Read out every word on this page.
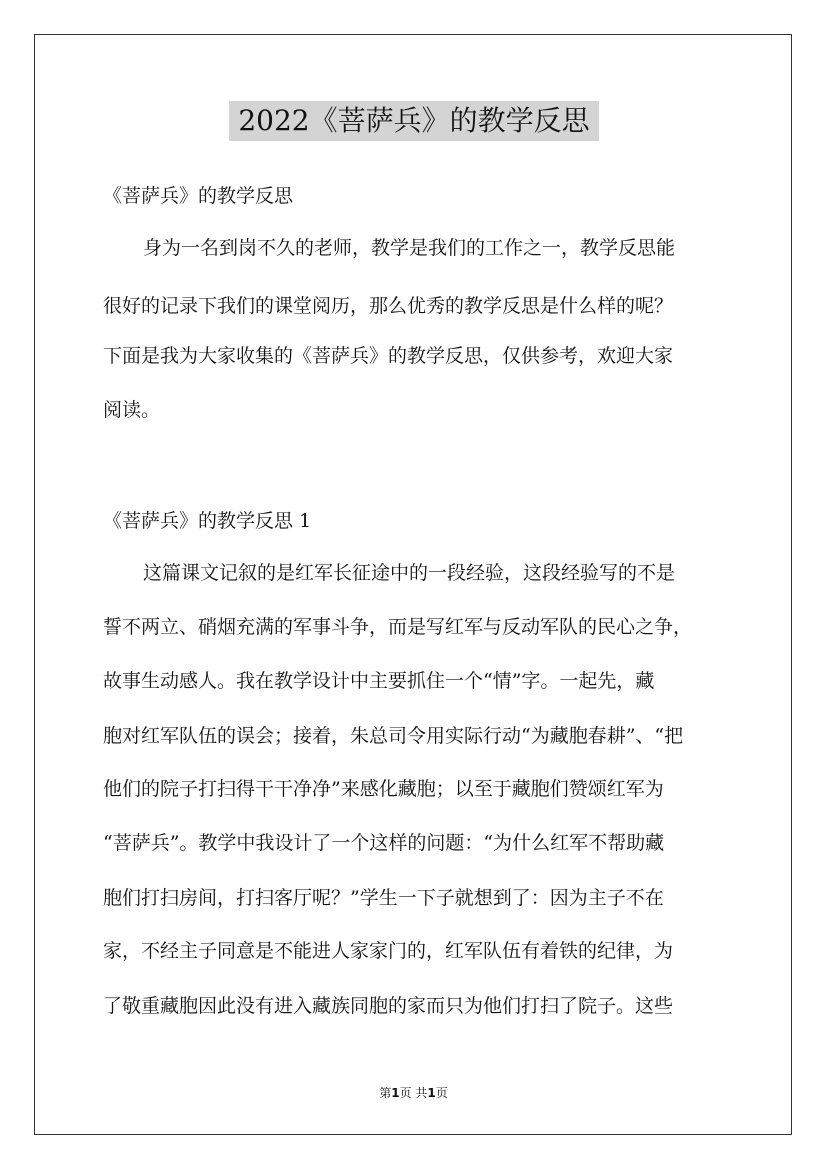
2022《菩萨兵》的教学反思
《菩萨兵》的教学反思
身为一名到岗不久的老师，教学是我们的工作之一，教学反思能
很好的记录下我们的课堂阅历，那么优秀的教学反思是什么样的呢？
下面是我为大家收集的《菩萨兵》的教学反思，仅供参考，欢迎大家
阅读。
《菩萨兵》的教学反思 1
这篇课文记叙的是红军长征途中的一段经验，这段经验写的不是
誓不两立、硝烟充满的军事斗争，而是写红军与反动军队的民心之争，
故事生动感人。我在教学设计中主要抓住一个“情”字。一起先，藏
胞对红军队伍的误会；接着，朱总司令用实际行动“为藏胞春耕”、“把
他们的院子打扫得干干净净”来感化藏胞；以至于藏胞们赞颂红军为
“菩萨兵”。教学中我设计了一个这样的问题：“为什么红军不帮助藏
胞们打扫房间，打扫客厅呢？”学生一下子就想到了：因为主子不在
家，不经主子同意是不能进人家家门的，红军队伍有着铁的纪律，为
了敬重藏胞因此没有进入藏族同胞的家而只为他们打扫了院子。这些
第1页 共1页
